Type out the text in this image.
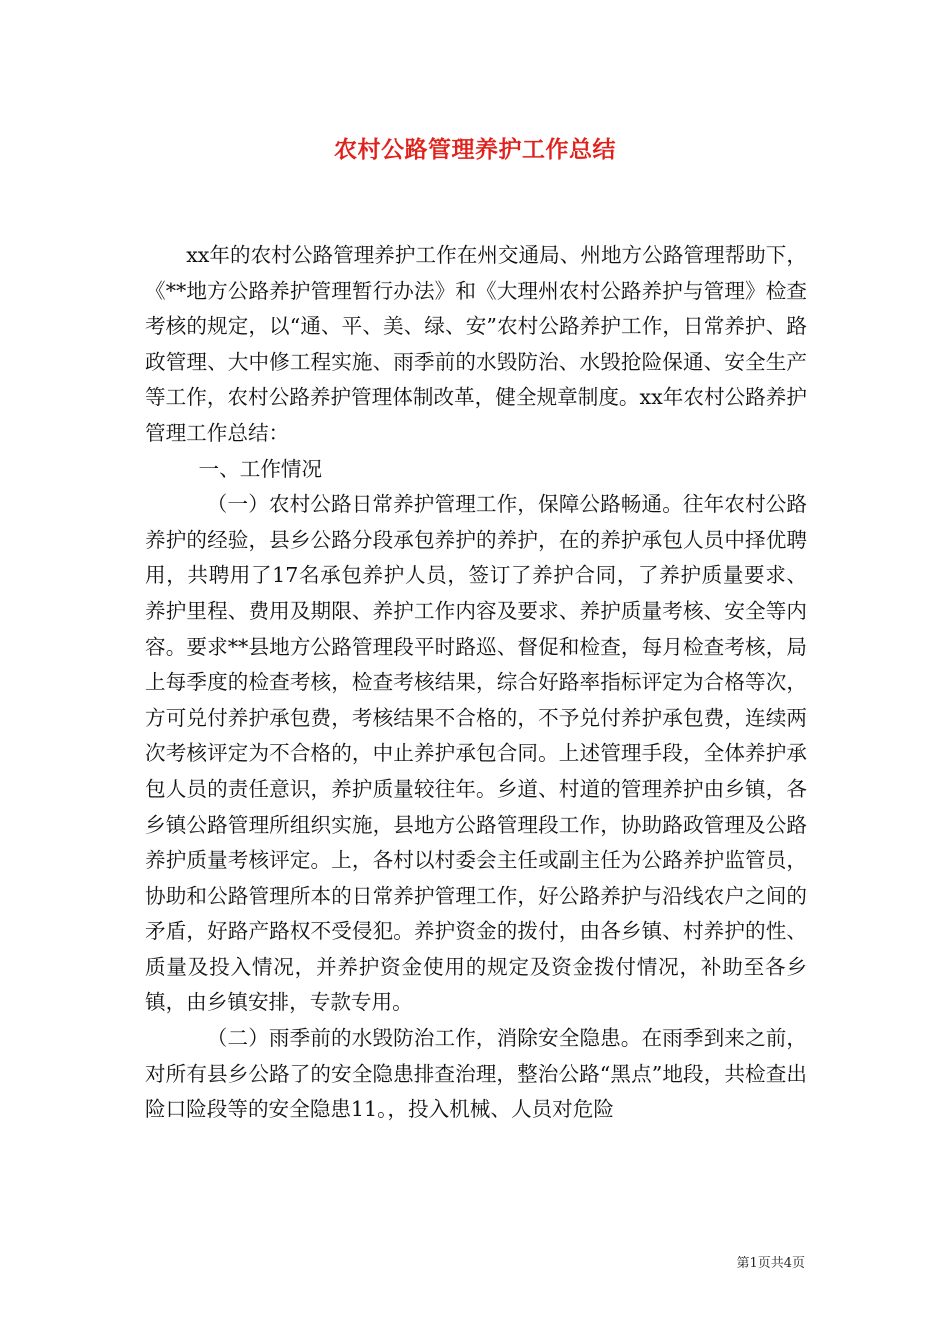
农村公路管理养护工作总结

xx年的农村公路管理养护工作在州交通局、州地方公路管理帮助下，《**地方公路养护管理暂行办法》和《大理州农村公路养护与管理》检查考核的规定，以“通、平、美、绿、安”农村公路养护工作，日常养护、路政管理、大中修工程实施、雨季前的水毁防治、水毁抢险保通、安全生产等工作，农村公路养护管理体制改革，健全规章制度。xx年农村公路养护管理工作总结：

一、工作情况

（一）农村公路日常养护管理工作，保障公路畅通。往年农村公路养护的经验，县乡公路分段承包养护的养护，在的养护承包人员中择优聘用，共聘用了17名承包养护人员，签订了养护合同，了养护质量要求、养护里程、费用及期限、养护工作内容及要求、养护质量考核、安全等内容。要求**县地方公路管理段平时路巡、督促和检查，每月检查考核，局上每季度的检查考核，检查考核结果，综合好路率指标评定为合格等次，方可兑付养护承包费，考核结果不合格的，不予兑付养护承包费，连续两次考核评定为不合格的，中止养护承包合同。上述管理手段，全体养护承包人员的责任意识，养护质量较往年。乡道、村道的管理养护由乡镇，各乡镇公路管理所组织实施，县地方公路管理段工作，协助路政管理及公路养护质量考核评定。上，各村以村委会主任或副主任为公路养护监管员，协助和公路管理所本的日常养护管理工作，好公路养护与沿线农户之间的矛盾，好路产路权不受侵犯。养护资金的拨付，由各乡镇、村养护的性、质量及投入情况，并养护资金使用的规定及资金拨付情况，补助至各乡镇，由乡镇安排，专款专用。

（二）雨季前的水毁防治工作，消除安全隐患。在雨季到来之前，对所有县乡公路了的安全隐患排查治理，整治公路“黑点”地段，共检查出险口险段等的安全隐患11。，投入机械、人员对危险

第1页共4页
